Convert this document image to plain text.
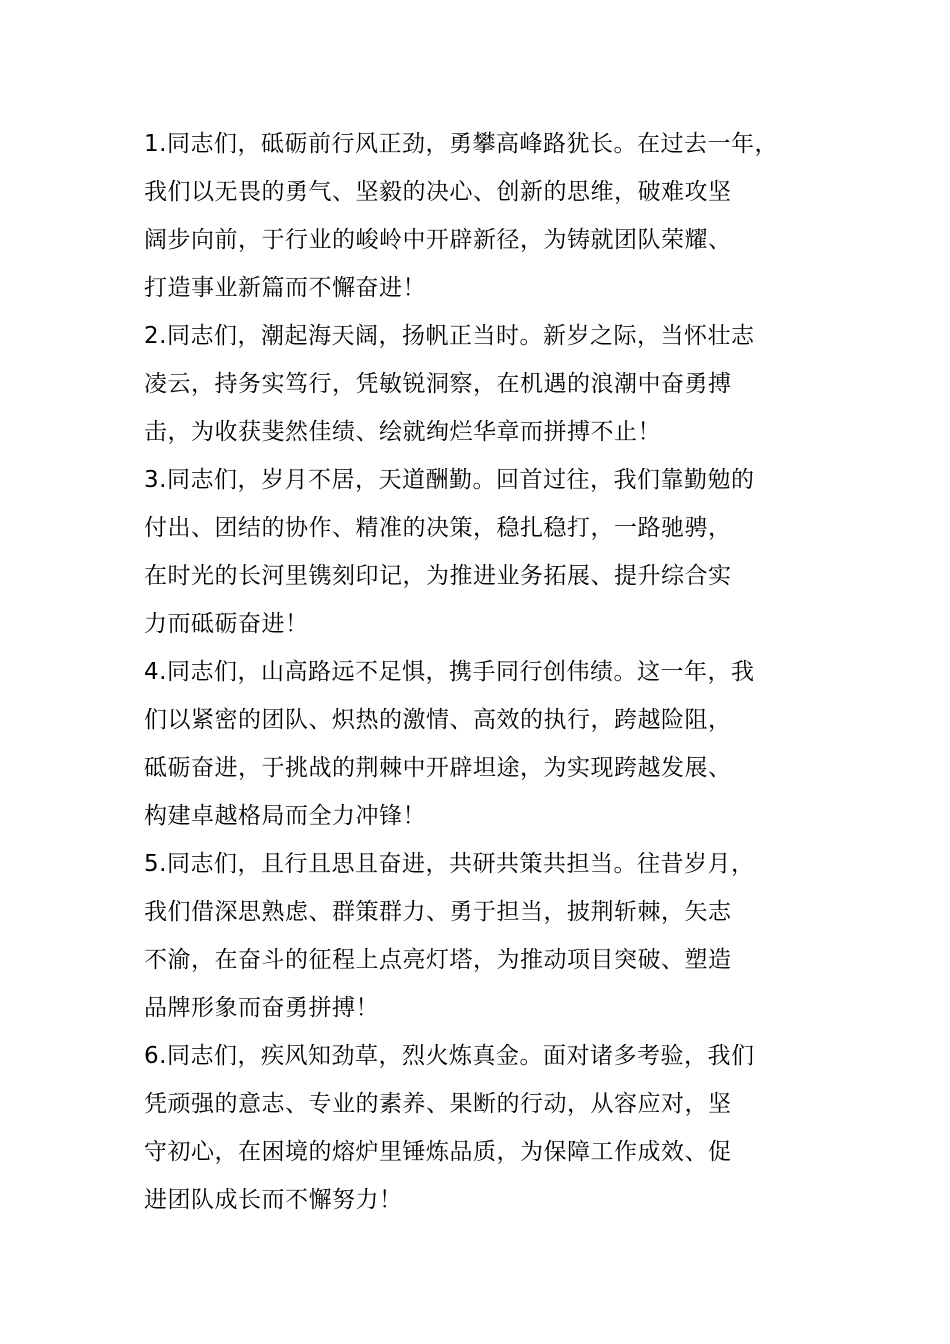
1.同志们，砥砺前行风正劲，勇攀高峰路犹长。在过去一年，
我们以无畏的勇气、坚毅的决心、创新的思维，破难攻坚
阔步向前，于行业的峻岭中开辟新径，为铸就团队荣耀、
打造事业新篇而不懈奋进！
2.同志们，潮起海天阔，扬帆正当时。新岁之际，当怀壮志
凌云，持务实笃行，凭敏锐洞察，在机遇的浪潮中奋勇搏
击，为收获斐然佳绩、绘就绚烂华章而拼搏不止！
3.同志们，岁月不居，天道酬勤。回首过往，我们靠勤勉的
付出、团结的协作、精准的决策，稳扎稳打，一路驰骋，
在时光的长河里镌刻印记，为推进业务拓展、提升综合实
力而砥砺奋进！
4.同志们，山高路远不足惧，携手同行创伟绩。这一年，我
们以紧密的团队、炽热的激情、高效的执行，跨越险阻，
砥砺奋进，于挑战的荆棘中开辟坦途，为实现跨越发展、
构建卓越格局而全力冲锋！
5.同志们，且行且思且奋进，共研共策共担当。往昔岁月，
我们借深思熟虑、群策群力、勇于担当，披荆斩棘，矢志
不渝，在奋斗的征程上点亮灯塔，为推动项目突破、塑造
品牌形象而奋勇拼搏！
6.同志们，疾风知劲草，烈火炼真金。面对诸多考验，我们
凭顽强的意志、专业的素养、果断的行动，从容应对，坚
守初心，在困境的熔炉里锤炼品质，为保障工作成效、促
进团队成长而不懈努力！
